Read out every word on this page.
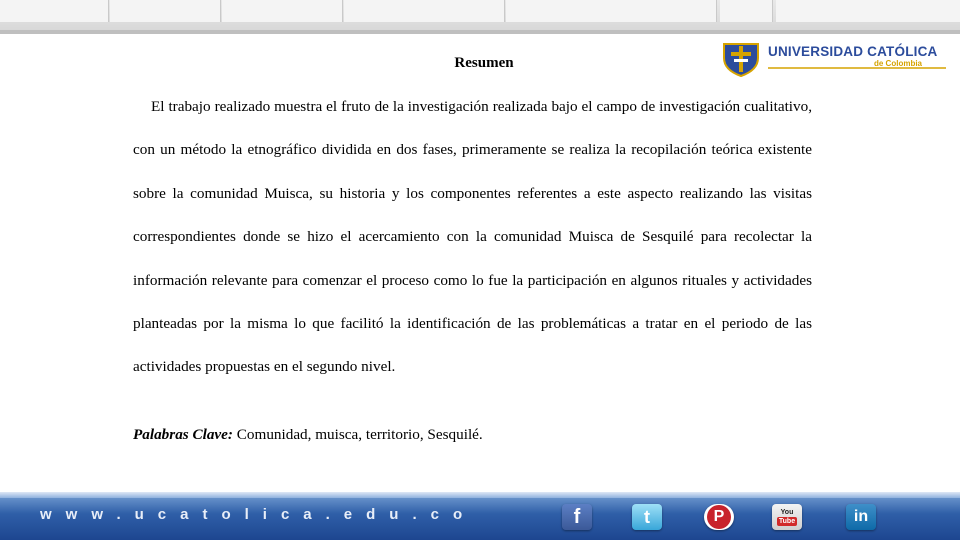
UNIVERSIDAD CATÓLICA
de Colombia
Resumen
El trabajo realizado muestra el fruto de la investigación realizada bajo el campo de investigación cualitativo, con un método la etnográfico dividida en dos fases, primeramente se realiza la recopilación teórica existente sobre la comunidad Muisca, su historia y los componentes referentes a este aspecto realizando las visitas correspondientes donde se hizo el acercamiento con la comunidad Muisca de Sesquilé para recolectar la información relevante para comenzar el proceso como lo fue la participación en algunos rituales y actividades planteadas por la misma lo que facilitó la identificación de las problemáticas a tratar en el periodo de las actividades propuestas en el segundo nivel.
Palabras Clave: Comunidad, muisca, territorio, Sesquilé.
www.ucatolica.edu.co	f	t	P	You
Tube	in
